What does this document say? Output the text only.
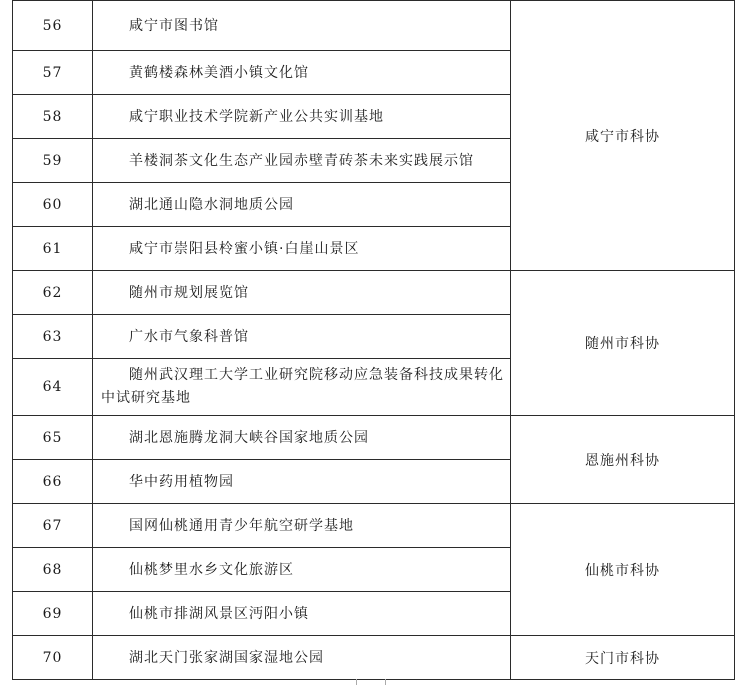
56	咸宁市图书馆	咸宁市科协
57	黄鹤楼森林美酒小镇文化馆	

58	咸宁职业技术学院新产业公共实训基地	

59	羊楼洞茶文化生态产业园赤壁青砖茶未来实践展示馆	

60	湖北通山隐水洞地质公园	

61	咸宁市崇阳县柃蜜小镇·白崖山景区	

62	随州市规划展览馆	随州市科协
63	广水市气象科普馆	

64	随州武汉理工大学工业研究院移动应急装备科技成果转化中试研究基地	

65	湖北恩施腾龙洞大峡谷国家地质公园	恩施州科协
66	华中药用植物园	

67	国网仙桃通用青少年航空研学基地	仙桃市科协
68	仙桃梦里水乡文化旅游区	

69	仙桃市排湖风景区沔阳小镇	

70	湖北天门张家湖国家湿地公园	天门市科协
